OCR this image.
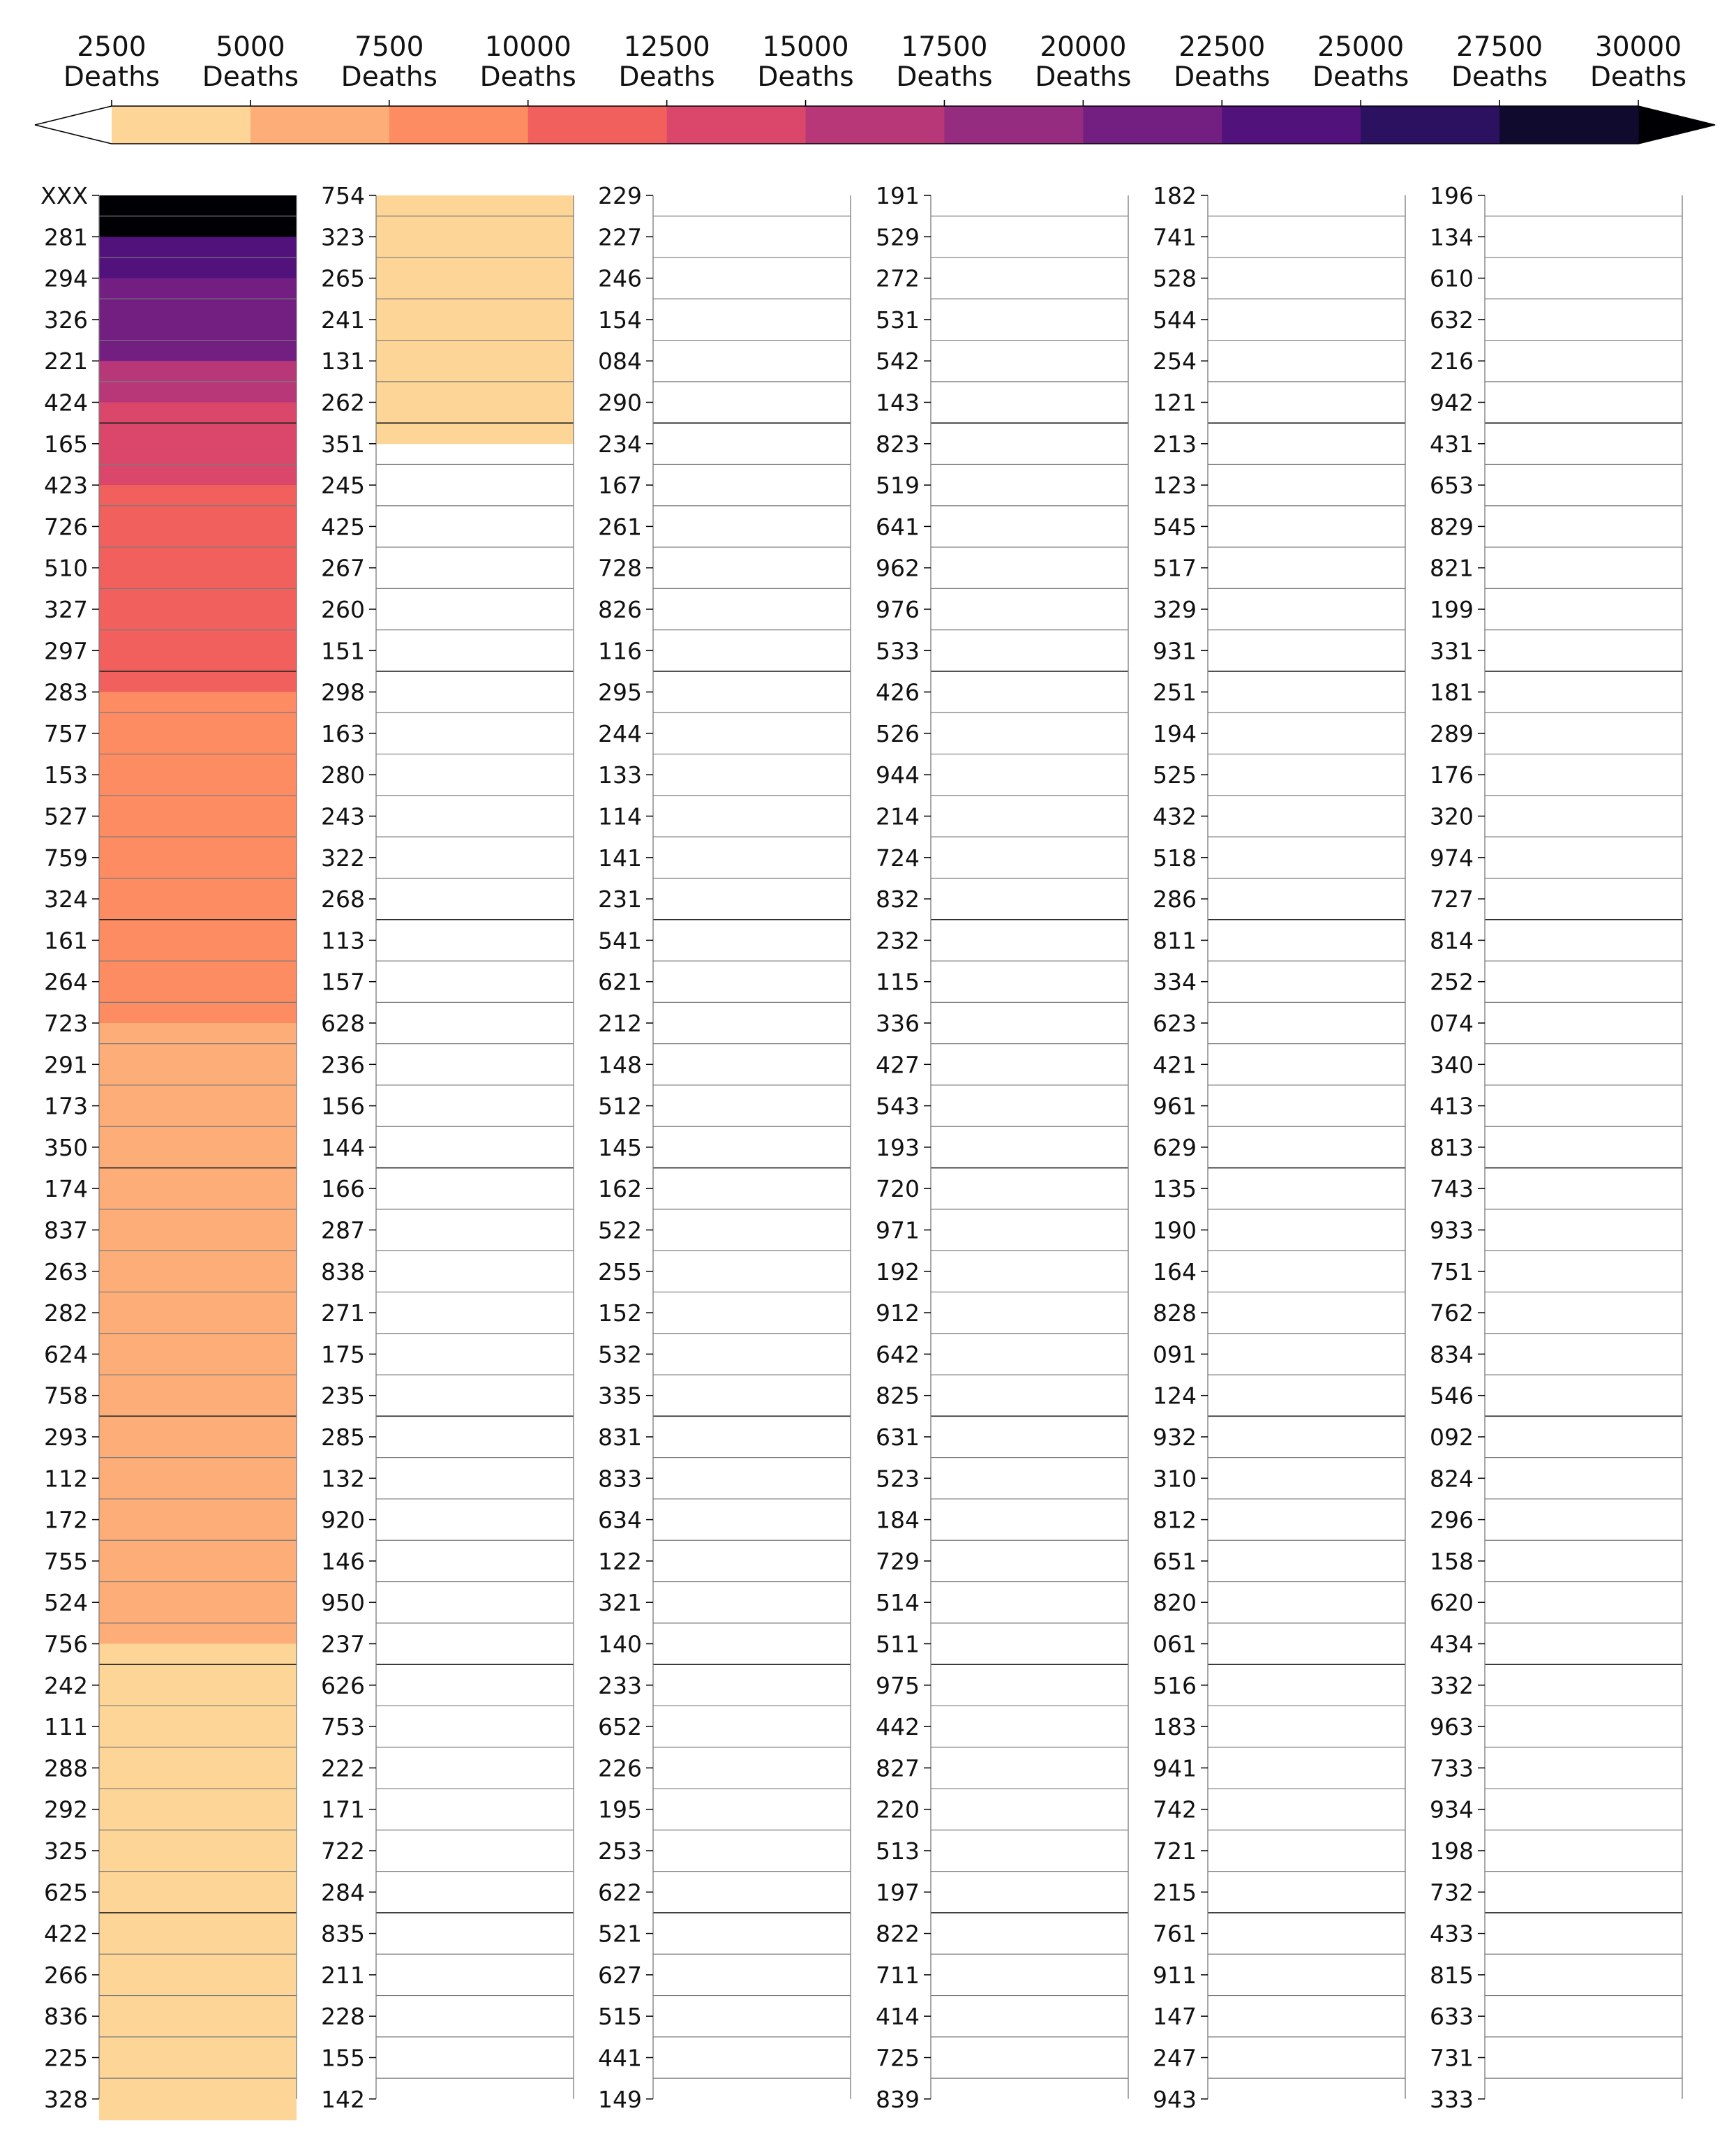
2500
Deaths
5000
Deaths
7500
Deaths
10000
Deaths
12500
Deaths
15000
Deaths
17500
Deaths
20000
Deaths
22500
Deaths
25000
Deaths
27500
Deaths
30000
Deaths
XXX
281
294
326
221
424
165
423
726
510
327
297
283
757
153
527
759
324
161
264
723
291
173
350
174
837
263
282
624
758
293
112
172
755
524
756
242
111
288
292
325
625
422
266
836
225
328
754
323
265
241
131
262
351
245
425
267
260
151
298
163
280
243
322
268
113
157
628
236
156
144
166
287
838
271
175
235
285
132
920
146
950
237
626
753
222
171
722
284
835
211
228
155
142
229
227
246
154
084
290
234
167
261
728
826
116
295
244
133
114
141
231
541
621
212
148
512
145
162
522
255
152
532
335
831
833
634
122
321
140
233
652
226
195
253
622
521
627
515
441
149
191
529
272
531
542
143
823
519
641
962
976
533
426
526
944
214
724
832
232
115
336
427
543
193
720
971
192
912
642
825
631
523
184
729
514
511
975
442
827
220
513
197
822
711
414
725
839
182
741
528
544
254
121
213
123
545
517
329
931
251
194
525
432
518
286
811
334
623
421
961
629
135
190
164
828
091
124
932
310
812
651
820
061
516
183
941
742
721
215
761
911
147
247
943
196
134
610
632
216
942
431
653
829
821
199
331
181
289
176
320
974
727
814
252
074
340
413
813
743
933
751
762
834
546
092
824
296
158
620
434
332
963
733
934
198
732
433
815
633
731
333
